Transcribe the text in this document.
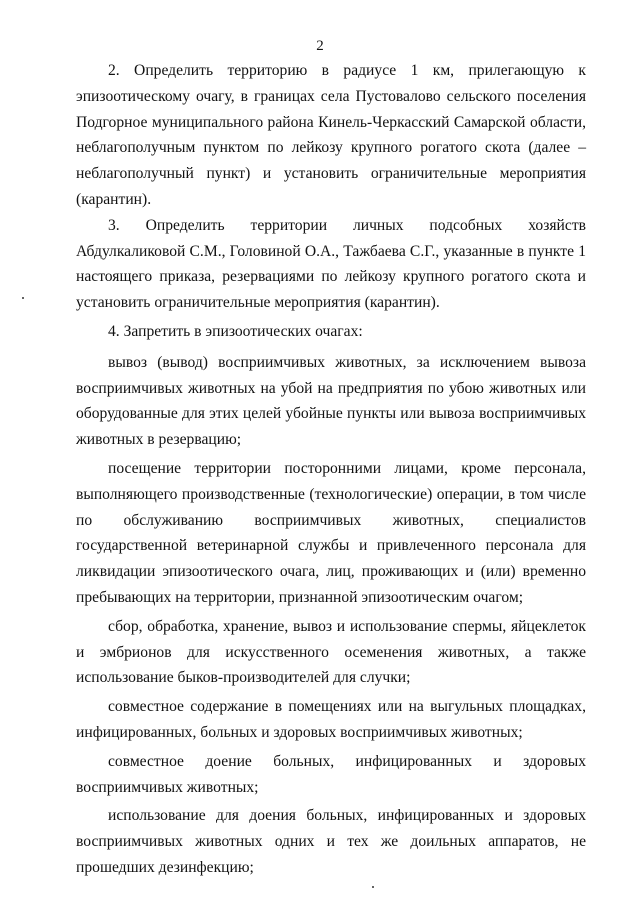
2

2. Определить территорию в радиусе 1 км, прилегающую к эпизоотическому очагу, в границах села Пустовалово сельского поселения Подгорное муниципального района Кинель-Черкасский Самарской области, неблагополучным пунктом по лейкозу крупного рогатого скота (далее – неблагополучный пункт) и установить ограничительные мероприятия (карантин).

3. Определить территории личных подсобных хозяйств Абдулкаликовой С.М., Головиной О.А., Тажбаева С.Г., указанные в пункте 1 настоящего приказа, резервациями по лейкозу крупного рогатого скота и установить ограничительные мероприятия (карантин).

4. Запретить в эпизоотических очагах:

вывоз (вывод) восприимчивых животных, за исключением вывоза восприимчивых животных на убой на предприятия по убою животных или оборудованные для этих целей убойные пункты или вывоза восприимчивых животных в резервацию;

посещение территории посторонними лицами, кроме персонала, выполняющего производственные (технологические) операции, в том числе по обслуживанию восприимчивых животных, специалистов государственной ветеринарной службы и привлеченного персонала для ликвидации эпизоотического очага, лиц, проживающих и (или) временно пребывающих на территории, признанной эпизоотическим очагом;

сбор, обработка, хранение, вывоз и использование спермы, яйцеклеток и эмбрионов для искусственного осеменения животных, а также использование быков-производителей для случки;

совместное содержание в помещениях или на выгульных площадках, инфицированных, больных и здоровых восприимчивых животных;

совместное доение больных, инфицированных и здоровых восприимчивых животных;

использование для доения больных, инфицированных и здоровых восприимчивых животных одних и тех же доильных аппаратов, не прошедших дезинфекцию;
